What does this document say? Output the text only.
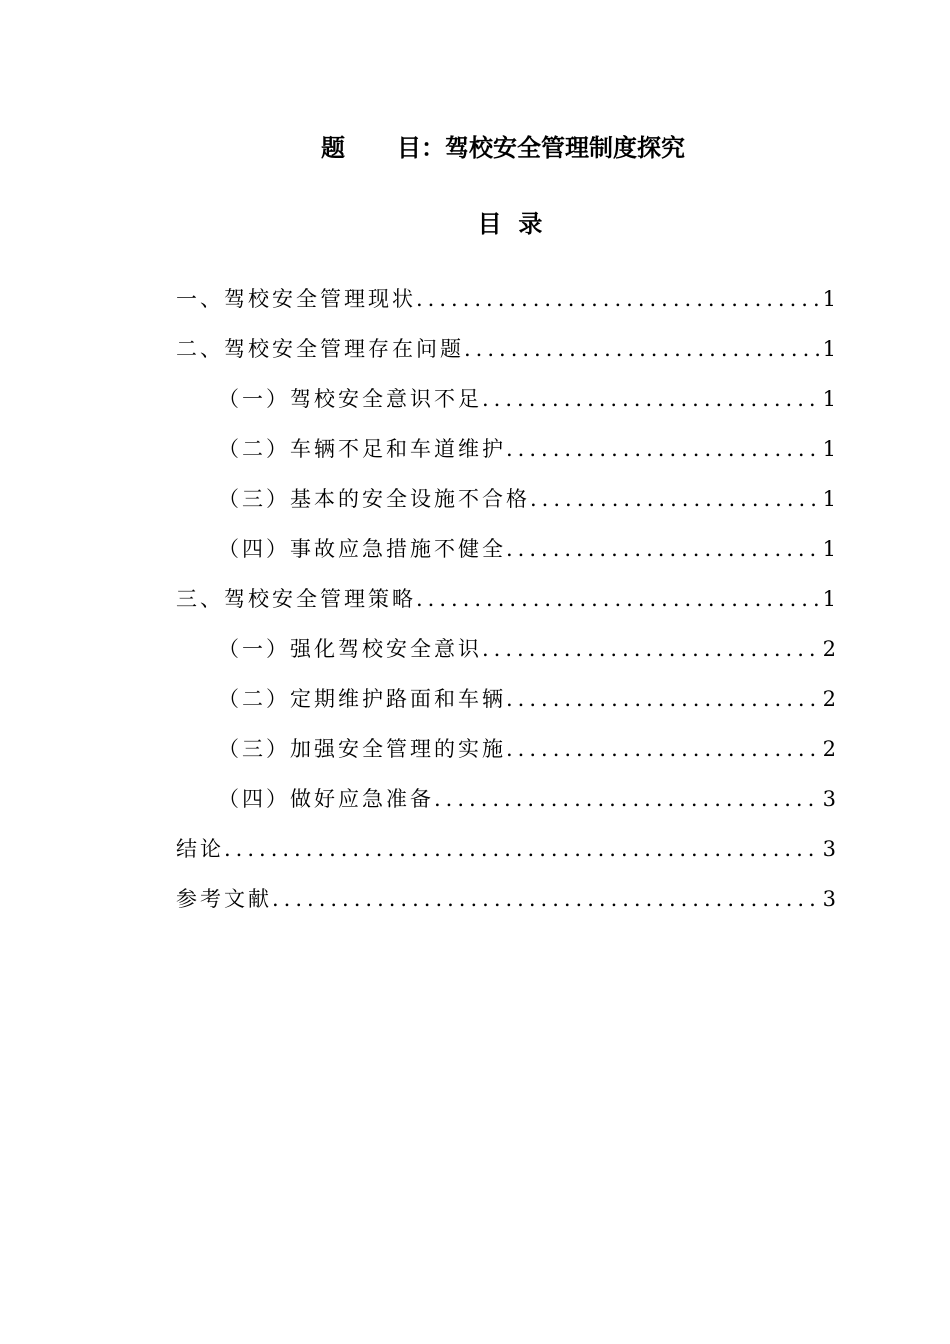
题 目：驾校安全管理制度探究
目  录
一、驾校安全管理现状 .....	1
二、驾校安全管理存在问题 .....	1
（一）驾校安全意识不足 .....	1
（二）车辆不足和车道维护 .....	1
（三）基本的安全设施不合格 .....	1
（四）事故应急措施不健全 .....	1
三、驾校安全管理策略 .....	1
（一）强化驾校安全意识 .....	2
（二）定期维护路面和车辆 .....	2
（三）加强安全管理的实施 .....	2
（四）做好应急准备 .....	3
结论 .....	3
参考文献 .....	3
